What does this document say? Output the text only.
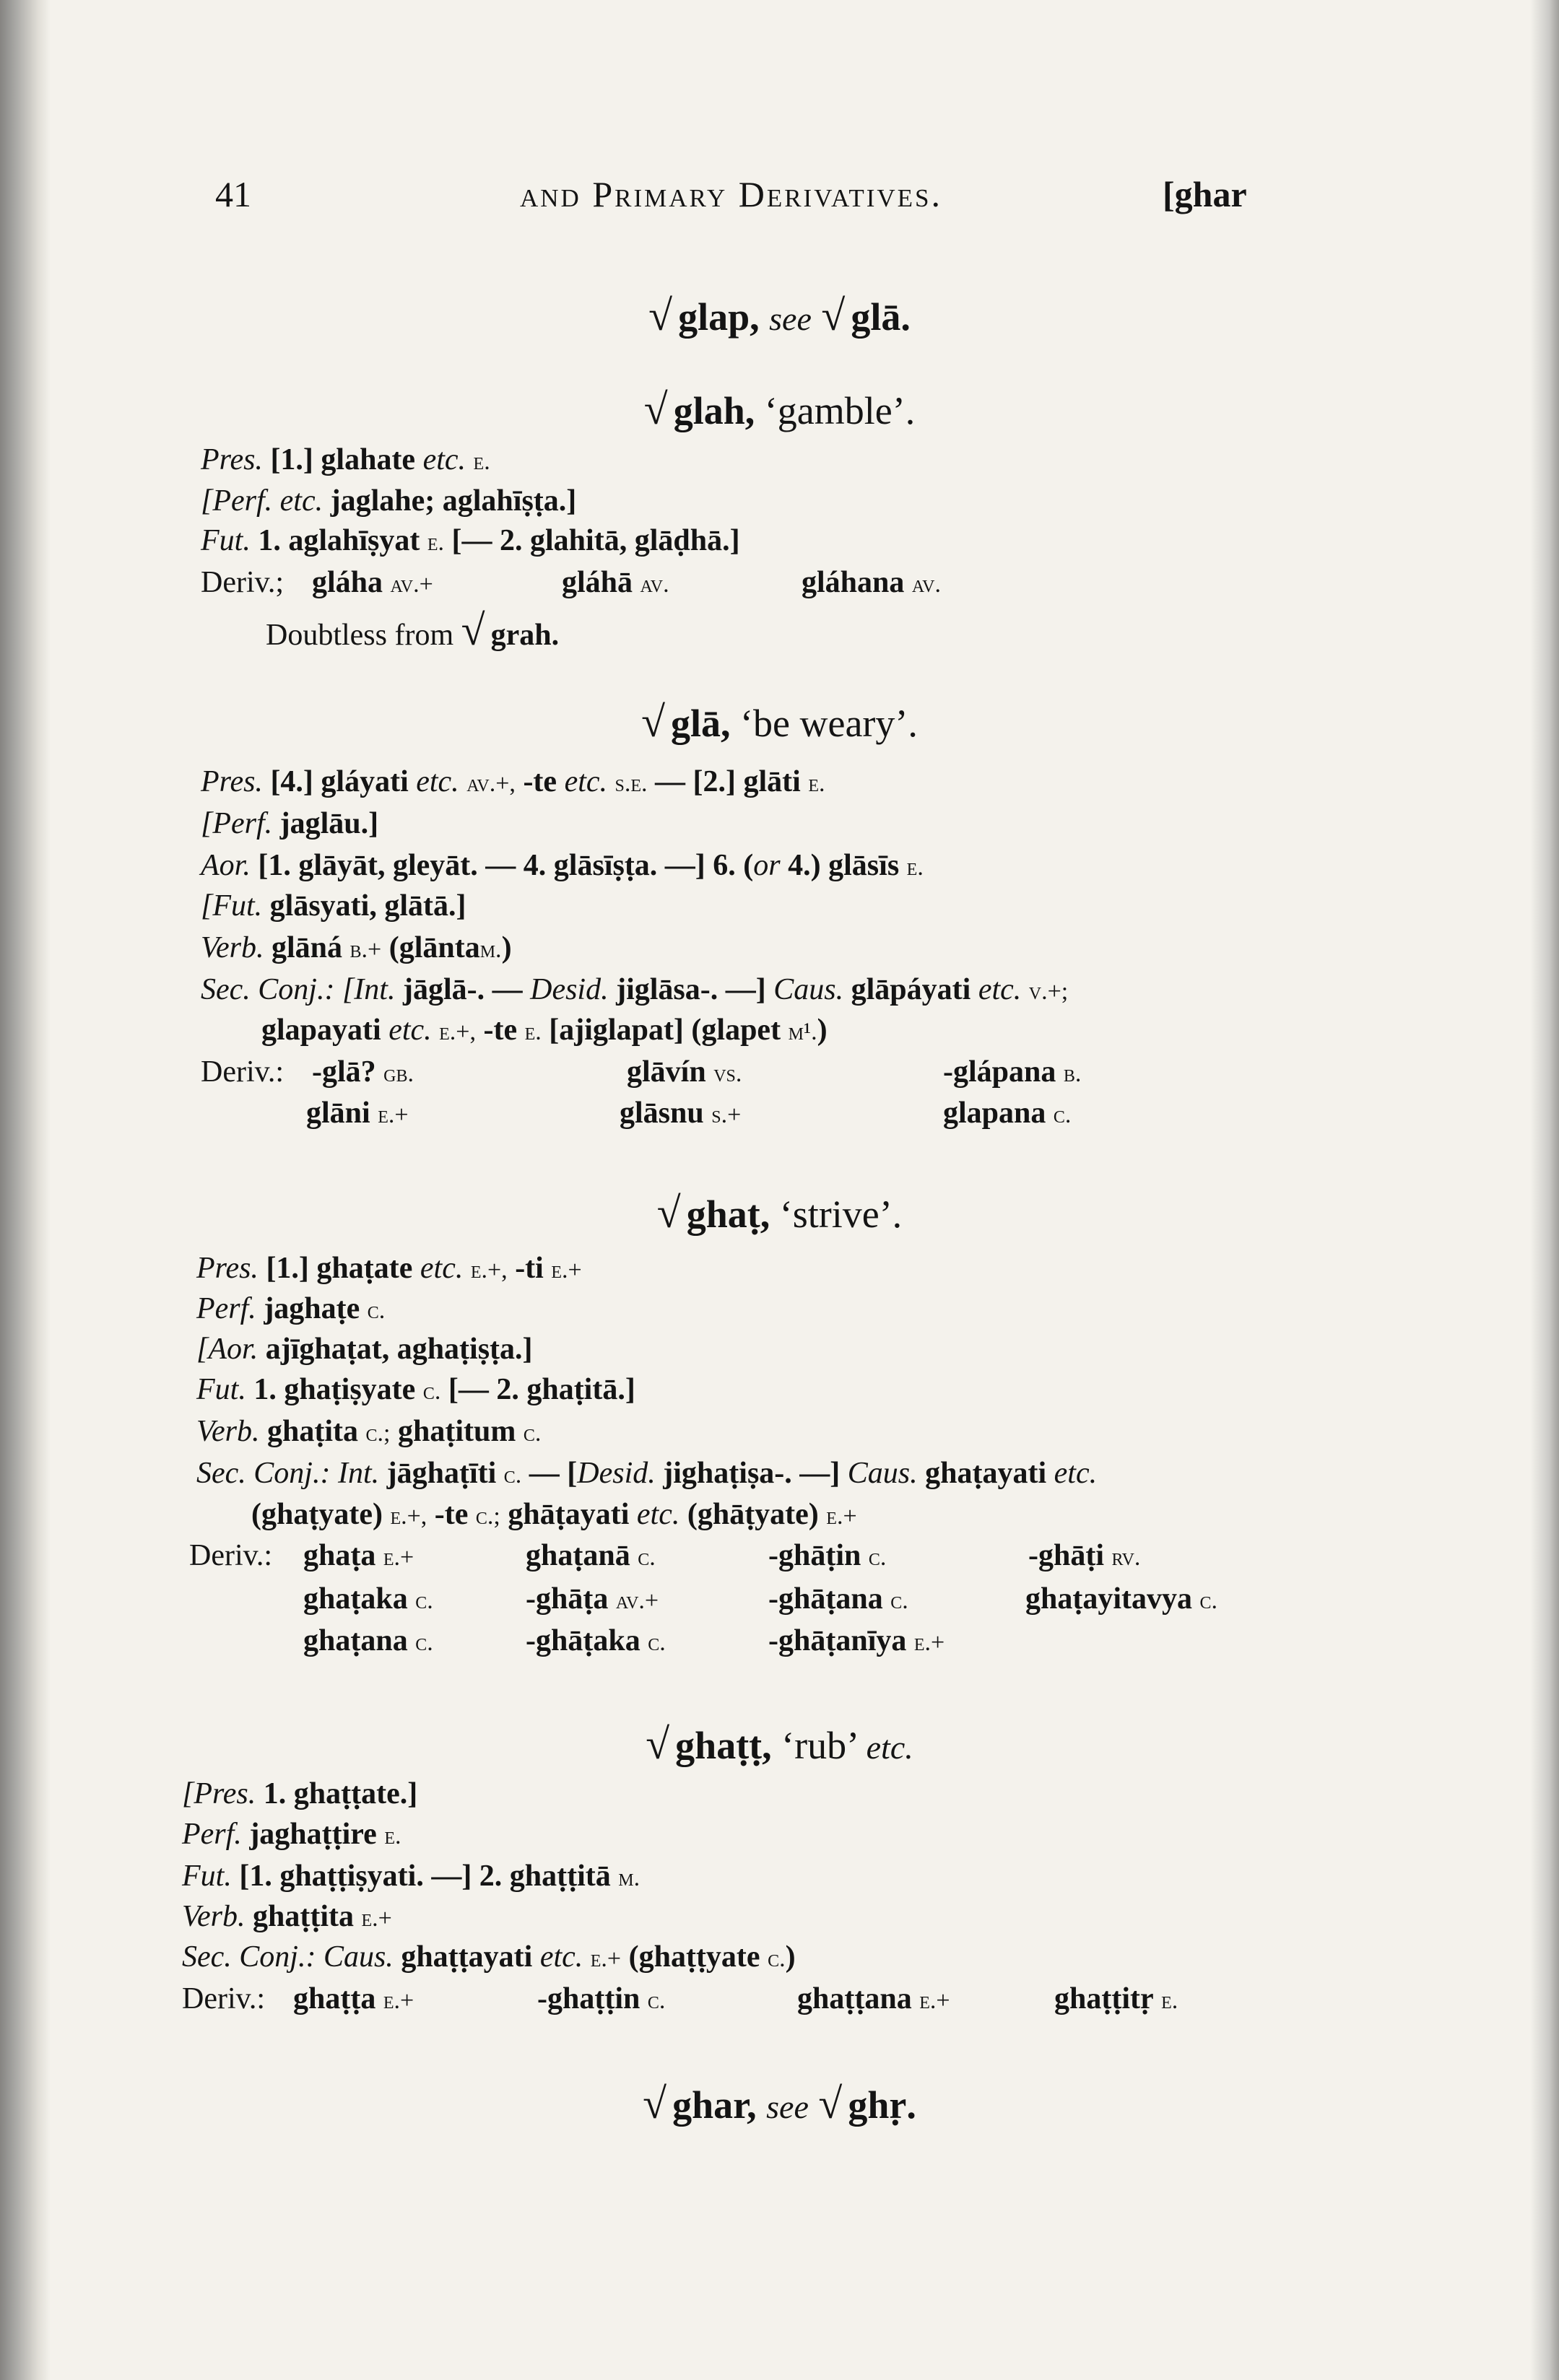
41	and Primary Derivatives.	[ghar
√ glap, see √ glā.
√ glah, ‘gamble’.
Pres. [1.] glahate etc. e.
[Perf. etc. jaglahe; aglahīṣṭa.]
Fut. 1. aglahīṣyat e. [— 2. glahitā, glāḍhā.]
Deriv.; gláha av.+	gláhā av.	gláhana av.
Doubtless from √ grah.
√ glā, ‘be weary’.
Pres. [4.] gláyati etc. av.+, -te etc. s.e. — [2.] glāti e.
[Perf. jaglāu.]
Aor. [1. glāyāt, gleyāt. — 4. glāsīṣṭa. —] 6. (or 4.) glāsīs e.
[Fut. glāsyati, glātā.]
Verb. glāná b.+ (glāntam.)
Sec. Conj.: [Int. jāglā-. — Desid. jiglāsa-. —] Caus. glāpáyati etc. v.+;
glapayati etc. e.+, -te e. [ajiglapat] (glapet m¹.)
Deriv.: -glā? gb.	glāvín vs.	-glápana b.
glāni e.+	glāsnu s.+	glapana c.
√ ghaṭ, ‘strive’.
Pres. [1.] ghaṭate etc. e.+, -ti e.+
Perf. jaghaṭe c.
[Aor. ajīghaṭat, aghaṭiṣṭa.]
Fut. 1. ghaṭiṣyate c. [— 2. ghaṭitā.]
Verb. ghaṭita c.; ghaṭitum c.
Sec. Conj.: Int. jāghaṭīti c. — [Desid. jighaṭiṣa-. —] Caus. ghaṭayati etc.
(ghaṭyate) e.+, -te c.; ghāṭayati etc. (ghāṭyate) e.+
Deriv.: ghaṭa e.+	ghaṭanā c.	-ghāṭin c.	-ghāṭi rv.
ghaṭaka c.	-ghāṭa av.+	-ghāṭana c.	ghaṭayitavya c.
ghaṭana c.	-ghāṭaka c.	-ghāṭanīya e.+
√ ghaṭṭ, ‘rub’ etc.
[Pres. 1. ghaṭṭate.]
Perf. jaghaṭṭire e.
Fut. [1. ghaṭṭiṣyati. —] 2. ghaṭṭitā m.
Verb. ghaṭṭita e.+
Sec. Conj.: Caus. ghaṭṭayati etc. e.+ (ghaṭṭyate c.)
Deriv.: ghaṭṭa e.+	-ghaṭṭin c.	ghaṭṭana e.+	ghaṭṭitṛ e.
√ ghar, see √ ghṛ.
